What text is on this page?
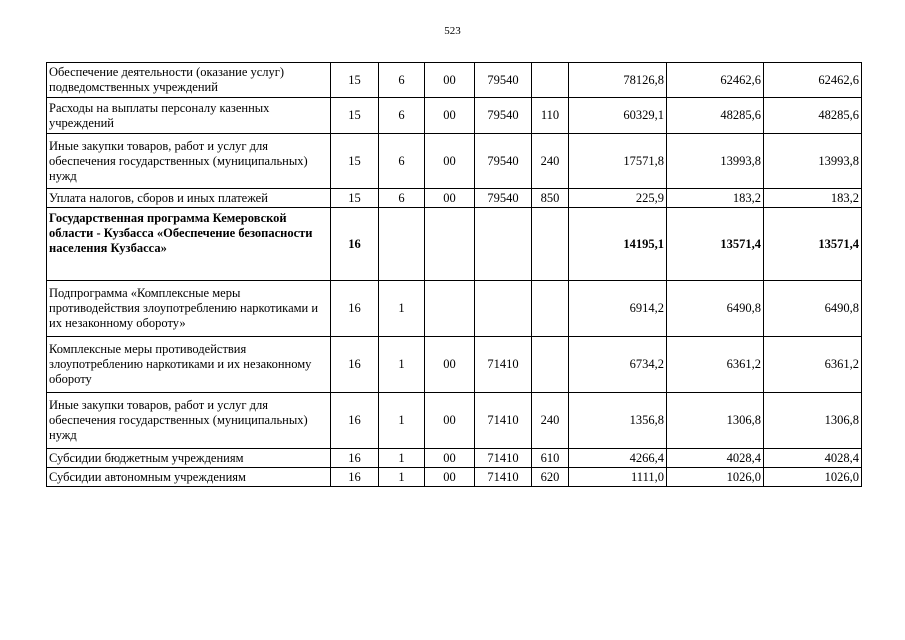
523
Обеспечение деятельности (оказание услуг) подведомственных учреждений	15	6	00	79540		78126,8	62462,6	62462,6
Расходы на выплаты персоналу казенных учреждений	15	6	00	79540	110	60329,1	48285,6	48285,6
Иные закупки товаров, работ и услуг для обеспечения государственных (муниципальных) нужд	15	6	00	79540	240	17571,8	13993,8	13993,8
Уплата налогов, сборов и иных платежей	15	6	00	79540	850	225,9	183,2	183,2
Государственная программа Кемеровской области - Кузбасса «Обеспечение безопасности населения Кузбасса»	16					14195,1	13571,4	13571,4
Подпрограмма «Комплексные меры противодействия злоупотреблению наркотиками и их незаконному обороту»	16	1				6914,2	6490,8	6490,8
Комплексные меры противодействия злоупотреблению наркотиками и их незаконному обороту	16	1	00	71410		6734,2	6361,2	6361,2
Иные закупки товаров, работ и услуг для обеспечения государственных (муниципальных) нужд	16	1	00	71410	240	1356,8	1306,8	1306,8
Субсидии бюджетным учреждениям	16	1	00	71410	610	4266,4	4028,4	4028,4
Субсидии автономным учреждениям	16	1	00	71410	620	1111,0	1026,0	1026,0
